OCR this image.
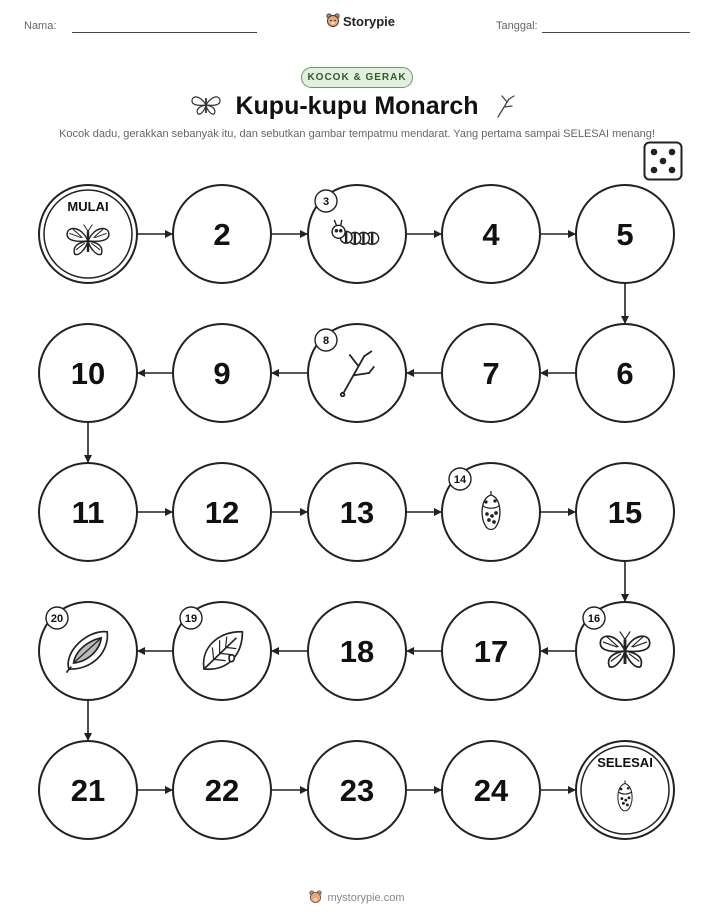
Nama:	Storypie	Tanggal:
KOCOK & GERAK
Kupu-kupu Monarch
Kocok dadu, gerakkan sebanyak itu, dan sebutkan gambar tempatmu mendarat. Yang pertama sampai SELESAI menang!
MULAI
2
3
4	5
6
7
8
9
10
11	12	13
14
15
16
17
18
19
20
21	22	23	24
SELESAI
mystorypie.com
